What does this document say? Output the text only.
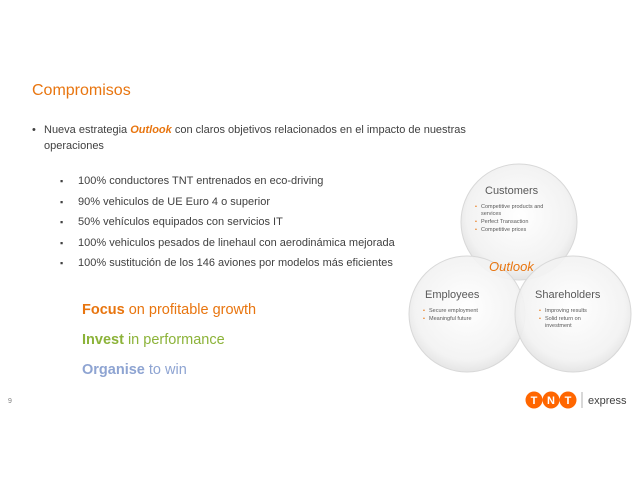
Compromisos
• Nueva estrategia Outlook con claros objetivos relacionados en el impacto de nuestras operaciones
▪ 100% conductores TNT entrenados en eco-driving
▪ 90% vehiculos de UE Euro 4 o superior
▪ 50% vehículos equipados con servicios IT
▪ 100% vehiculos pesados de linehaul con aerodinámica mejorada
▪ 100% sustitución de los 146 aviones por modelos más eficientes
Focus on profitable growth
Invest in performance
Organise to win
9
Customers
• Competitive products and
services
• Perfect Transaction
• Competitive prices
Outlook
Employees
• Secure employment
• Meaningful future
Shareholders
• Improving results
• Solid return on
investment
T N T express
